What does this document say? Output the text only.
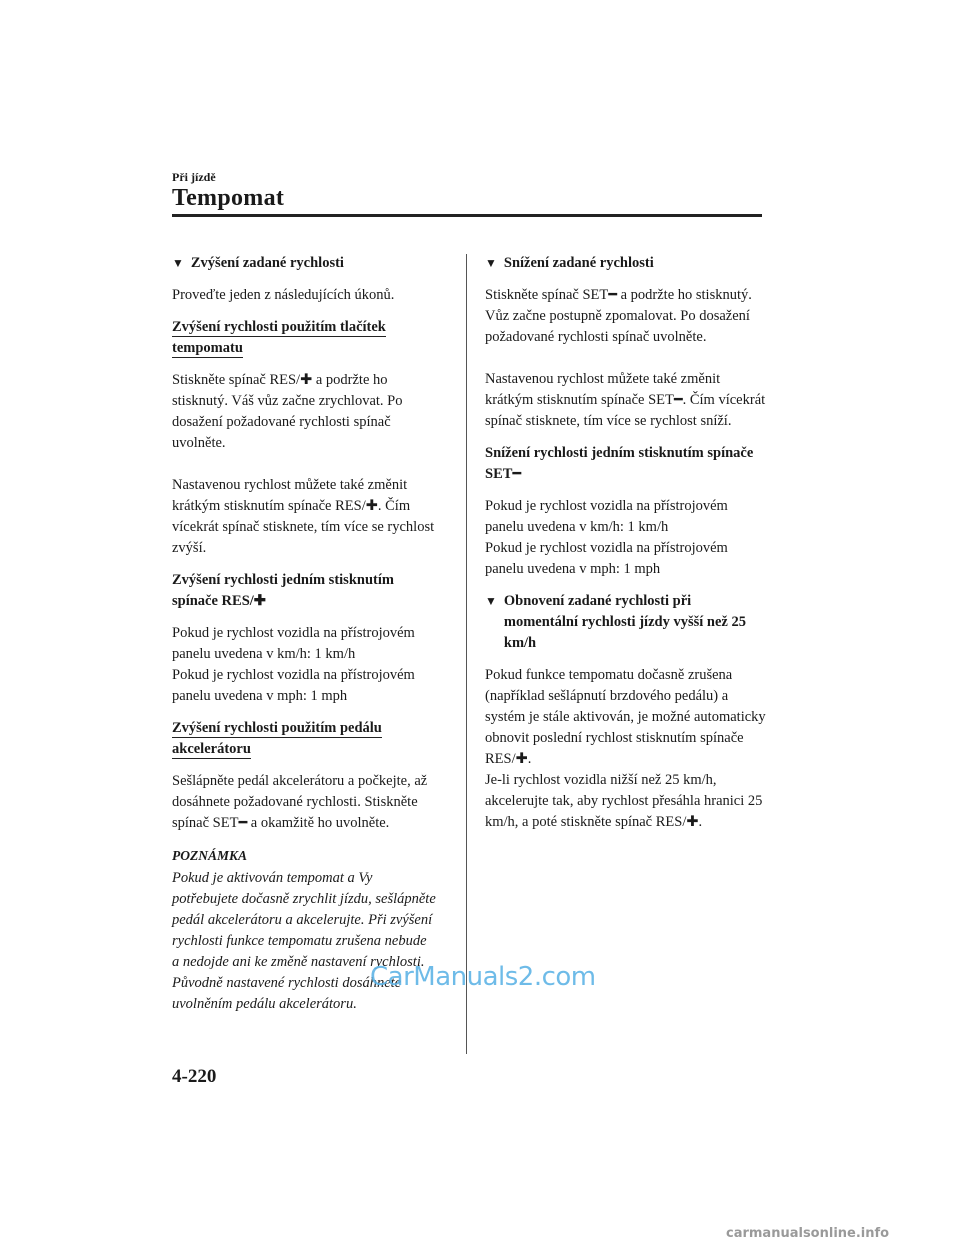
Při jízdě
Tempomat
▼ Zvýšení zadané rychlosti

Proveďte jeden z následujících úkonů.

Zvýšení rychlosti použitím tlačítek tempomatu

Stiskněte spínač RES/✚ a podržte ho stisknutý. Váš vůz začne zrychlovat. Po dosažení požadované rychlosti spínač uvolněte.

Nastavenou rychlost můžete také změnit krátkým stisknutím spínače RES/✚. Čím vícekrát spínač stisknete, tím více se rychlost zvýší.

Zvýšení rychlosti jedním stisknutím spínače RES/✚

Pokud je rychlost vozidla na přístrojovém panelu uvedena v km/h: 1 km/h

Pokud je rychlost vozidla na přístrojovém panelu uvedena v mph: 1 mph

Zvýšení rychlosti použitím pedálu akcelerátoru

Sešlápněte pedál akcelerátoru a počkejte, až dosáhnete požadované rychlosti. Stiskněte spínač SET━ a okamžitě ho uvolněte.

POZNÁMKA

Pokud je aktivován tempomat a Vy potřebujete dočasně zrychlit jízdu, sešlápněte pedál akcelerátoru a akcelerujte. Při zvýšení rychlosti funkce tempomatu zrušena nebude a nedojde ani ke změně nastavení rychlosti. Původně nastavené rychlosti dosáhnete uvolněním pedálu akcelerátoru.

▼ Snížení zadané rychlosti

Stiskněte spínač SET━ a podržte ho stisknutý. Vůz začne postupně zpomalovat. Po dosažení požadované rychlosti spínač uvolněte.

Nastavenou rychlost můžete také změnit krátkým stisknutím spínače SET━. Čím vícekrát spínač stisknete, tím více se rychlost sníží.

Snížení rychlosti jedním stisknutím spínače SET━

Pokud je rychlost vozidla na přístrojovém panelu uvedena v km/h: 1 km/h

Pokud je rychlost vozidla na přístrojovém panelu uvedena v mph: 1 mph

▼ Obnovení zadané rychlosti při momentální rychlosti jízdy vyšší než 25 km/h

Pokud funkce tempomatu dočasně zrušena (například sešlápnutí brzdového pedálu) a systém je stále aktivován, je možné automaticky obnovit poslední rychlost stisknutím spínače RES/✚.

Je-li rychlost vozidla nižší než 25 km/h, akcelerujte tak, aby rychlost přesáhla hranici 25 km/h, a poté stiskněte spínač RES/✚.

CarManuals2.com
4-220
carmanualsonline.info
